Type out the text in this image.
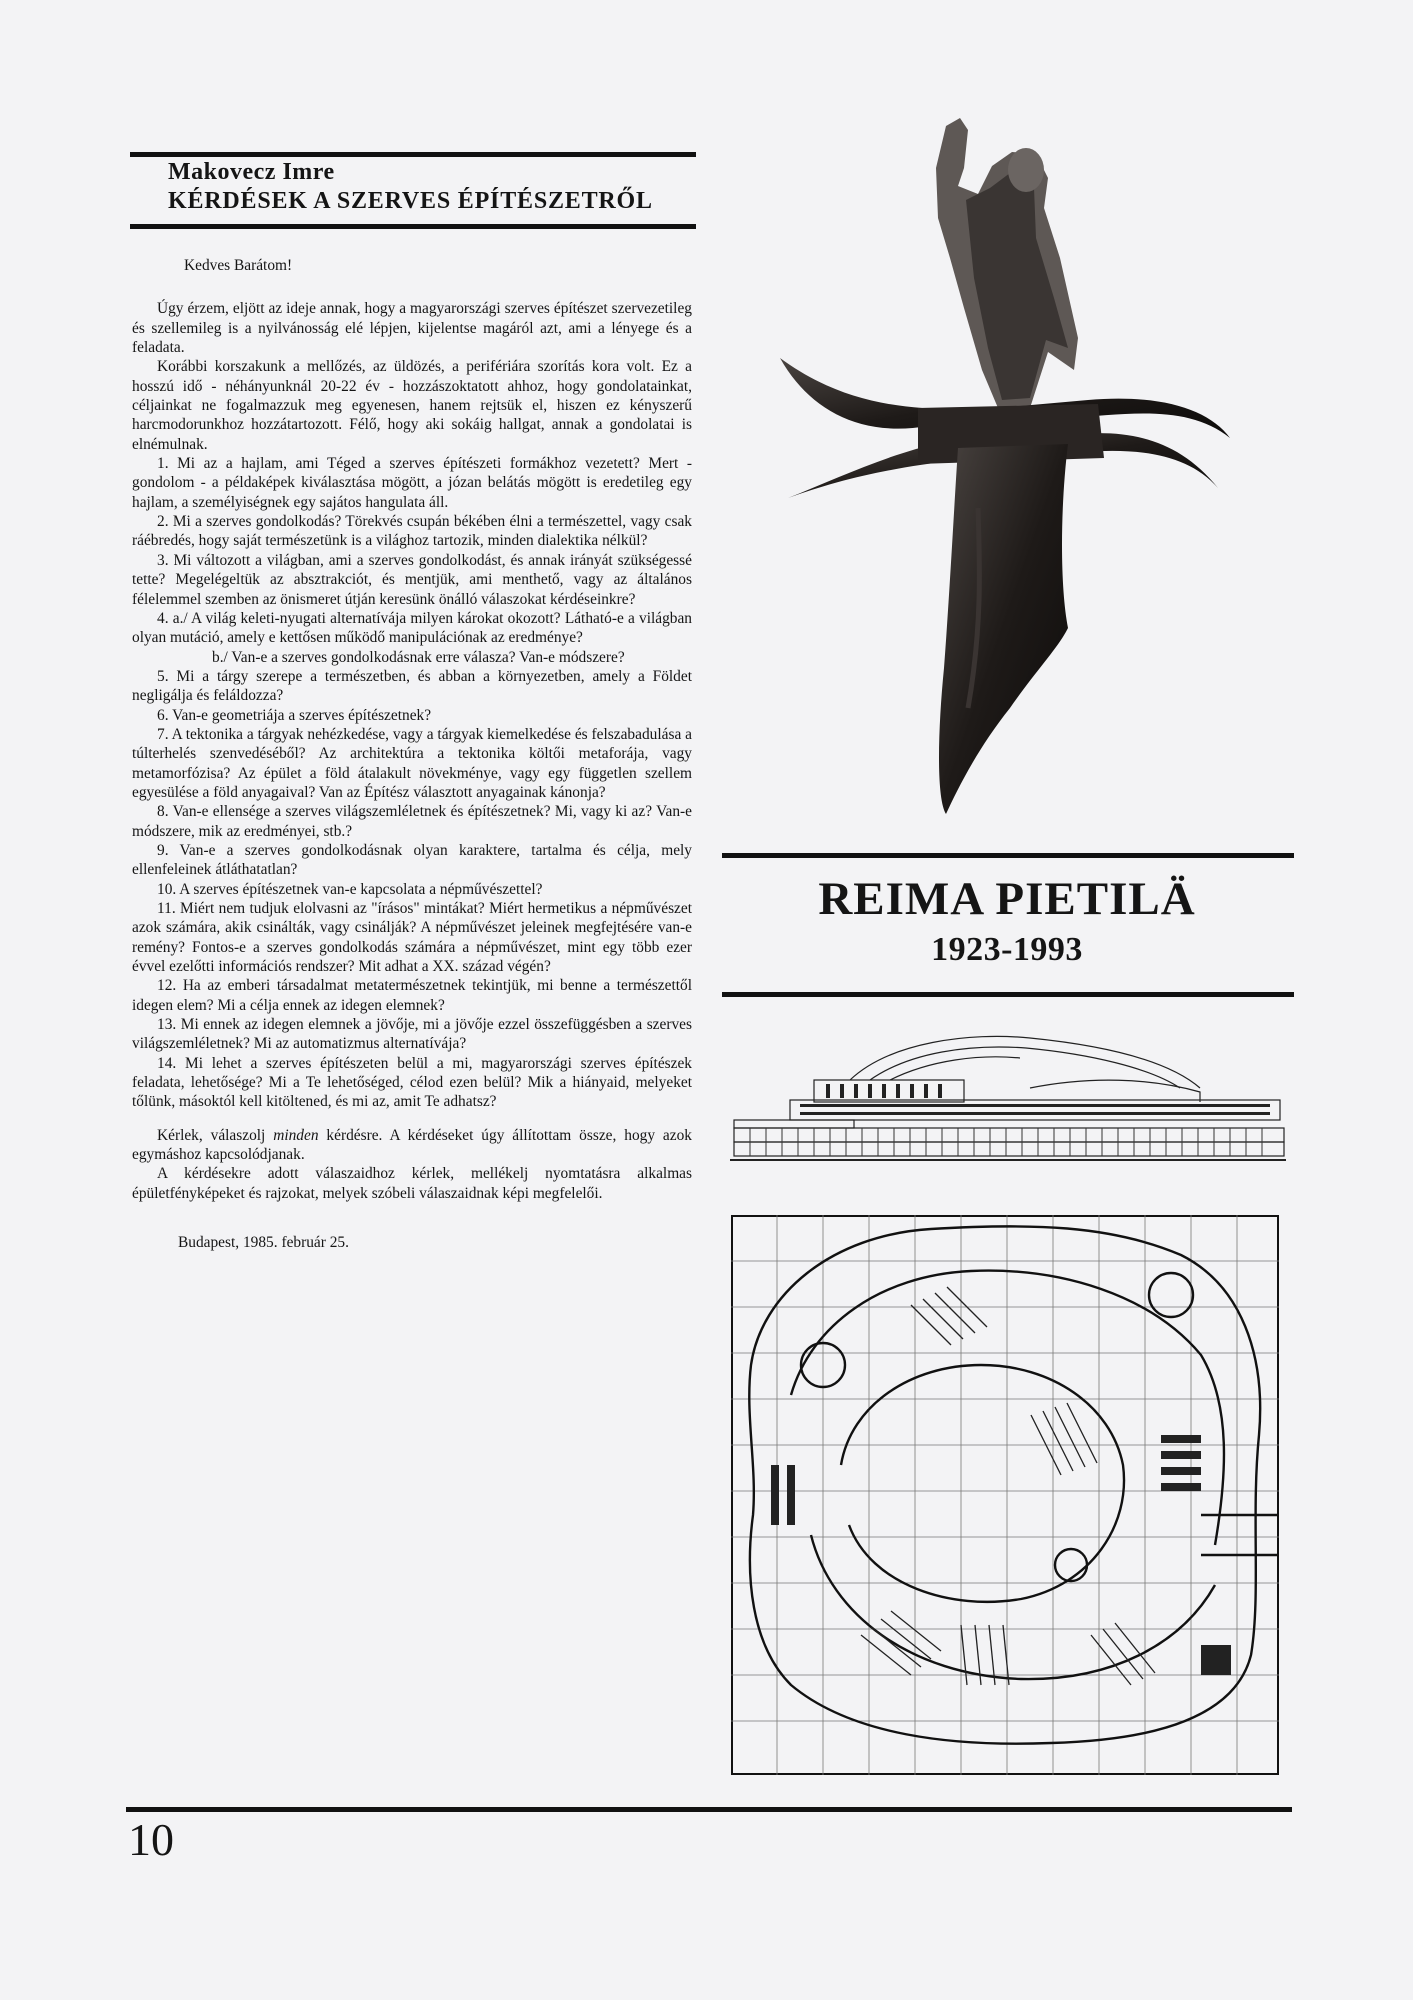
Makovecz Imre
KÉRDÉSEK A SZERVES ÉPÍTÉSZETRŐL

Kedves Barátom!

Úgy érzem, eljött az ideje annak, hogy a magyarországi szerves építészet szervezetileg és szellemileg is a nyilvánosság elé lépjen, kijelentse magáról azt, ami a lényege és a feladata.

Korábbi korszakunk a mellőzés, az üldözés, a perifériára szorítás kora volt. Ez a hosszú idő - néhányunknál 20-22 év - hozzászoktatott ahhoz, hogy gondolatainkat, céljainkat ne fogalmazzuk meg egyenesen, hanem rejtsük el, hiszen ez kényszerű harcmodorunkhoz hozzátartozott. Félő, hogy aki sokáig hallgat, annak a gondolatai is elnémulnak.

1. Mi az a hajlam, ami Téged a szerves építészeti formákhoz vezetett? Mert - gondolom - a példaképek kiválasztása mögött, a józan belátás mögött is eredetileg egy hajlam, a személyiségnek egy sajátos hangulata áll.

2. Mi a szerves gondolkodás? Törekvés csupán békében élni a természettel, vagy csak ráébredés, hogy saját természetünk is a világhoz tartozik, minden dialektika nélkül?

3. Mi változott a világban, ami a szerves gondolkodást, és annak irányát szükségessé tette? Megelégeltük az absztrakciót, és mentjük, ami menthető, vagy az általános félelemmel szemben az önismeret útján keresünk önálló válaszokat kérdéseinkre?

4. a./ A világ keleti-nyugati alternatívája milyen károkat okozott? Látható-e a világban olyan mutáció, amely e kettősen működő manipulációnak az eredménye?

b./ Van-e a szerves gondolkodásnak erre válasza? Van-e módszere?

5. Mi a tárgy szerepe a természetben, és abban a környezetben, amely a Földet negligálja és feláldozza?

6. Van-e geometriája a szerves építészetnek?

7. A tektonika a tárgyak nehézkedése, vagy a tárgyak kiemelkedése és felszabadulása a túlterhelés szenvedéséből? Az architektúra a tektonika költői metaforája, vagy metamorfózisa? Az épület a föld átalakult növekménye, vagy egy független szellem egyesülése a föld anyagaival? Van az Építész választott anyagainak kánonja?

8. Van-e ellensége a szerves világszemléletnek és építészetnek? Mi, vagy ki az? Van-e módszere, mik az eredményei, stb.?

9. Van-e a szerves gondolkodásnak olyan karaktere, tartalma és célja, mely ellenfeleinek átláthatatlan?

10. A szerves építészetnek van-e kapcsolata a népművészettel?

11. Miért nem tudjuk elolvasni az "írásos" mintákat? Miért hermetikus a népművészet azok számára, akik csinálták, vagy csinálják? A népművészet jeleinek megfejtésére van-e remény? Fontos-e a szerves gondolkodás számára a népművészet, mint egy több ezer évvel ezelőtti információs rendszer? Mit adhat a XX. század végén?

12. Ha az emberi társadalmat metatermészetnek tekintjük, mi benne a természettől idegen elem? Mi a célja ennek az idegen elemnek?

13. Mi ennek az idegen elemnek a jövője, mi a jövője ezzel összefüggésben a szerves világszemléletnek? Mi az automatizmus alternatívája?

14. Mi lehet a szerves építészeten belül a mi, magyarországi szerves építészek feladata, lehetősége? Mi a Te lehetőséged, célod ezen belül? Mik a hiányaid, melyeket tőlünk, másoktól kell kitöltened, és mi az, amit Te adhatsz?

Kérlek, válaszolj minden kérdésre. A kérdéseket úgy állítottam össze, hogy azok egymáshoz kapcsolódjanak.

A kérdésekre adott válaszaidhoz kérlek, mellékelj nyomtatásra alkalmas épületfényképeket és rajzokat, melyek szóbeli válaszaidnak képi megfelelői.

Budapest, 1985. február 25.

REIMA PIETILÄ
1923-1993
10
